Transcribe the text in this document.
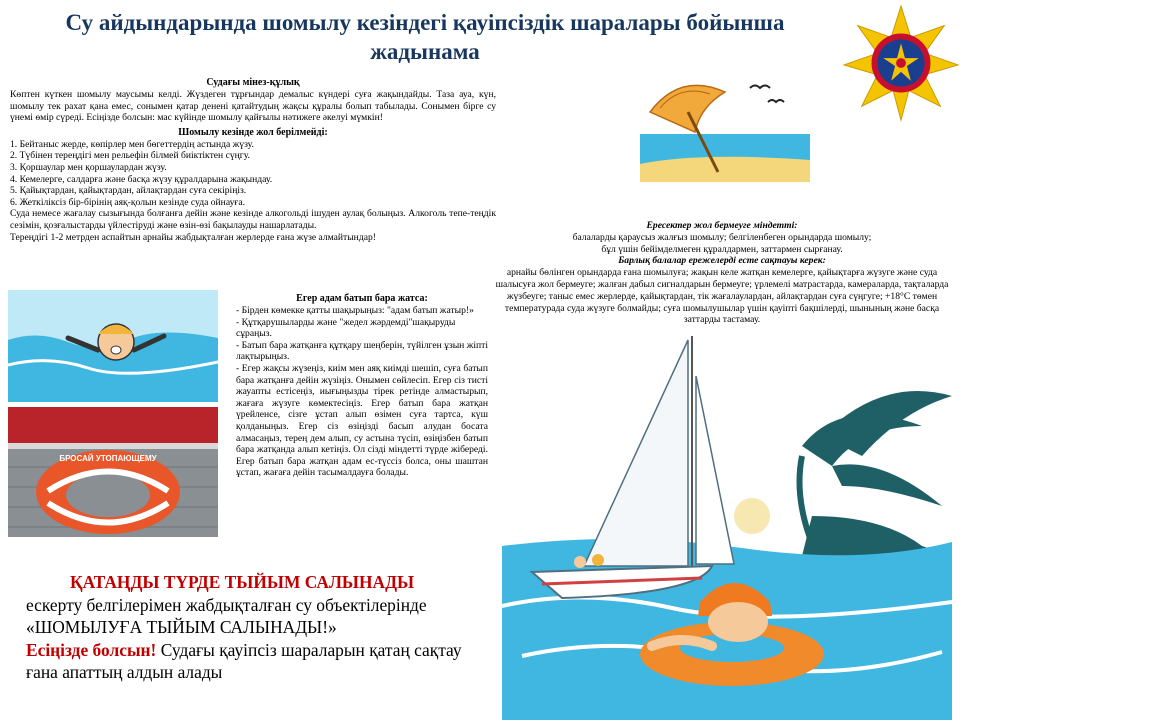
Су айдындарында шомылу кезіндегі қауіпсіздік шаралары бойынша жадынама
Судағы мінез-құлық

Көптен күткен шомылу маусымы келді. Жүздеген тұрғындар демалыс күндері суға жақындайды. Таза ауа, күн, шомылу тек рахат қана емес, сонымен қатар денені қатайтудың жақсы құралы болып табылады. Сонымен бірге су үнемі өмір сүреді. Есіңізде болсын: мас күйінде шомылу қайғылы нәтижеге әкелуі мүмкін!

Шомылу кезінде жол берілмейді:

1. Бейтаныс жерде, көпірлер мен бөгеттердің астында жүзу.

2. Түбінен тереңдігі мен рельефін білмей биіктіктен сүңгу.

3. Қоршаулар мен қоршаулардан жүзу.

4. Кемелерге, салдарға және басқа жүзу құралдарына жақындау.

5. Қайықтардан, қайықтардан, айлақтардан суға секіріңіз.

6. Жеткіліксіз бір-бірінің аяқ-қолын кезінде суда ойнауға.

Суда немесе жағалау сызығында болғанға дейін және кезінде алкогольді ішуден аулақ болыңыз. Алкоголь тепе-теңдік сезімін, қозғалыстарды үйлестіруді және өзін-өзі бақылауды нашарлатады.

Тереңдігі 1-2 метрден аспайтын арнайы жабдықталған жерлерде ғана жүзе алмайтындар!

Ересектер жол бермеуге міндетті:
балаларды қараусыз жалғыз шомылу; белгіленбеген орындарда шомылу;
бұл үшін бейімделмеген құралдармен, заттармен сырғанау.
Барлық балалар ережелерді есте сақтауы керек:
арнайы бөлінген орындарда ғана шомылуға; жақын келе жатқан кемелерге, қайықтарға жүзуге және суда шалысуға жол бермеуге; жалған дабыл сигналдарын бермеуге; үрлемелі матрастарда, камераларда, тақталарда жүзбеуге; таныс емес жерлерде, қайықтардан, тік жағалаулардан, айлақтардан суға сүңгуге; +18°С төмен температурада суда жүзуге болмайды; суға шомылушылар үшін қауіпті бақшілерді, шынының және басқа заттарды тастамау.
БРОСАЙ УТОПАЮЩЕМУ
Егер адам батып бара жатса:

- Бірден көмекке қатты шақырыңыз: "адам батып жатыр!»

- Құтқарушыларды және "жедел жәрдемді"шақыруды сұраңыз.

- Батып бара жатқанға құтқару шеңберін, түйілген ұзын жіпті лақтырыңыз.

- Егер жақсы жүзеңіз, киім мен аяқ киімді шешіп, суға батып бара жатқанға дейін жүзіңіз. Онымен сөйлесіп. Егер сіз тисті жауапты естісеңіз, иығыңызды тірек ретінде алмастырып, жағаға жүзуге көмектесіңіз. Егер батып бара жатқан үрейленсе, сізге ұстап алып өзімен суға тартса, күш қолданыңыз. Егер сіз өзіңізді басып алудан босата алмасаңыз, терең дем алып, су астына түсіп, өзіңізбен батып бара жатқанда алып кетіңіз. Ол сізді міндетті түрде жібереді. Егер батып бара жатқан адам ес-түссіз болса, оны шаштан ұстап, жағаға дейін тасымалдауға болады.

ҚАТАҢДЫ ТҮРДЕ ТЫЙЫМ САЛЫНАДЫ
ескерту белгілерімен жабдықталған су объектілерінде
«ШОМЫЛУҒА ТЫЙЫМ САЛЫНАДЫ!»
Есіңізде болсын! Судағы қауіпсіз шараларын қатаң сақтау ғана апаттың алдын алады
